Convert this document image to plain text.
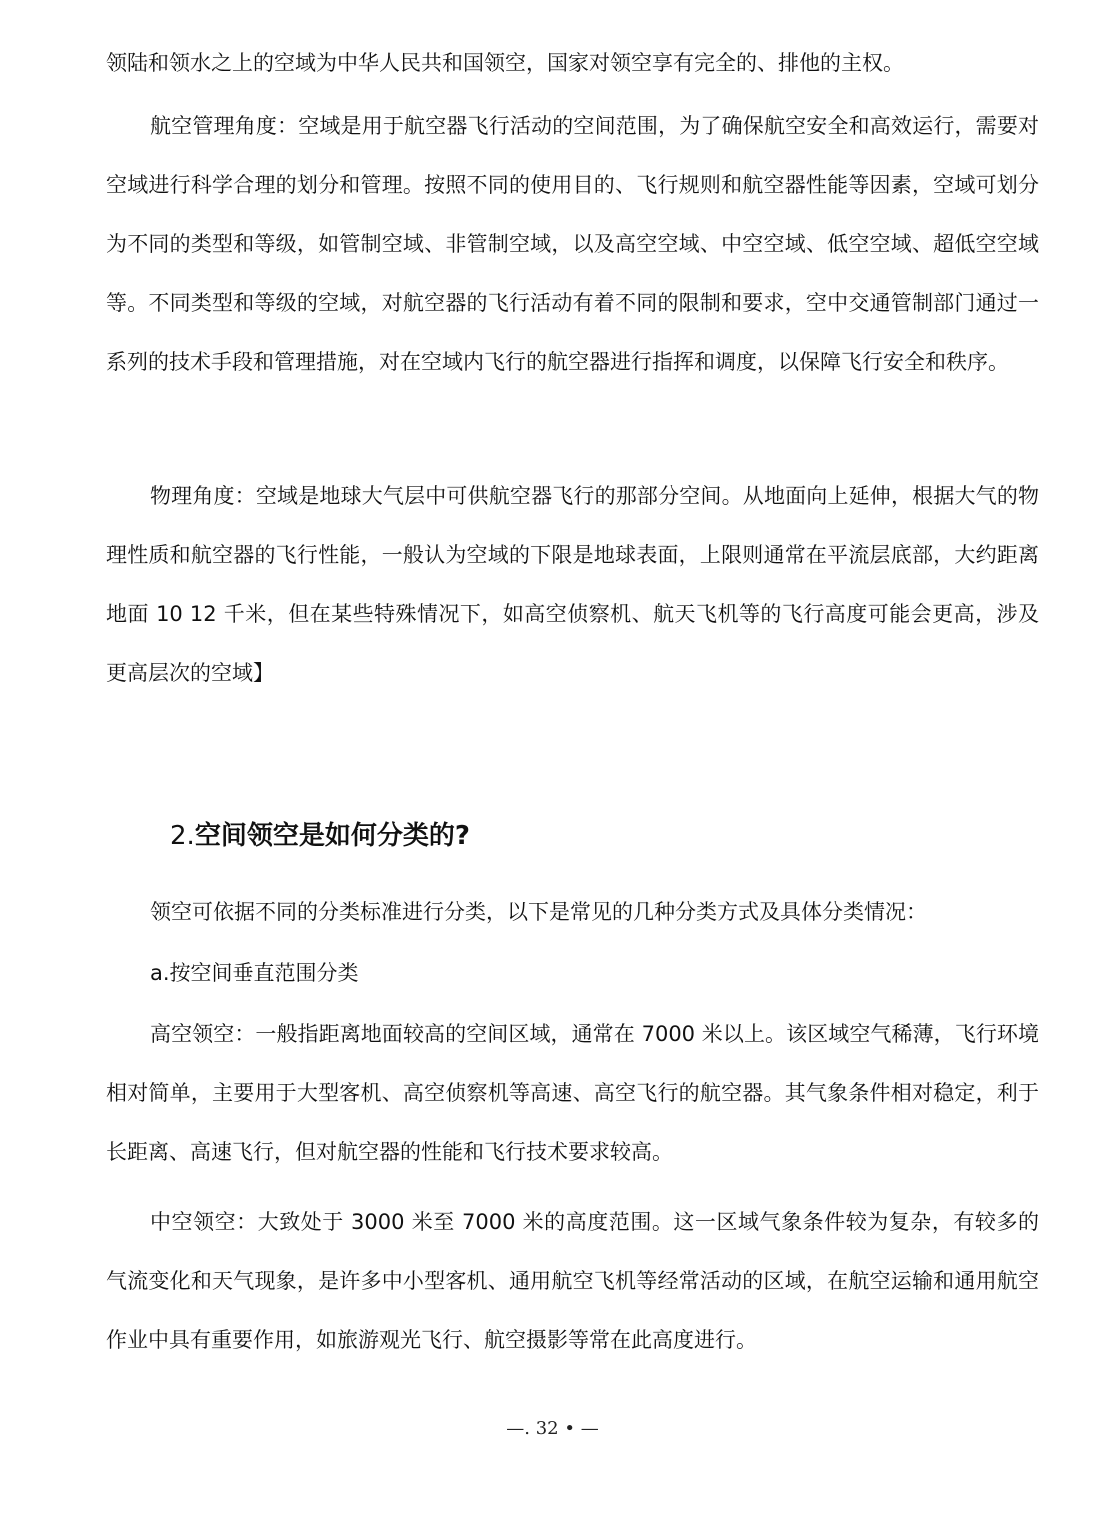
领陆和领水之上的空域为中华人民共和国领空，国家对领空享有完全的、排他的主权。

航空管理角度：空域是用于航空器飞行活动的空间范围，为了确保航空安全和高效运行，需要对空域进行科学合理的划分和管理。按照不同的使用目的、飞行规则和航空器性能等因素，空域可划分为不同的类型和等级，如管制空域、非管制空域，以及高空空域、中空空域、低空空域、超低空空域等。不同类型和等级的空域，对航空器的飞行活动有着不同的限制和要求，空中交通管制部门通过一系列的技术手段和管理措施，对在空域内飞行的航空器进行指挥和调度，以保障飞行安全和秩序。

物理角度：空域是地球大气层中可供航空器飞行的那部分空间。从地面向上延伸，根据大气的物理性质和航空器的飞行性能，一般认为空域的下限是地球表面，上限则通常在平流层底部，大约距离地面 10 12 千米，但在某些特殊情况下，如高空侦察机、航天飞机等的飞行高度可能会更高，涉及更高层次的空域】

2.空间领空是如何分类的?

领空可依据不同的分类标准进行分类，以下是常见的几种分类方式及具体分类情况：

a.按空间垂直范围分类

高空领空：一般指距离地面较高的空间区域，通常在 7000 米以上。该区域空气稀薄，飞行环境相对简单，主要用于大型客机、高空侦察机等高速、高空飞行的航空器。其气象条件相对稳定，利于长距离、高速飞行，但对航空器的性能和飞行技术要求较高。

中空领空：大致处于 3000 米至 7000 米的高度范围。这一区域气象条件较为复杂，有较多的气流变化和天气现象，是许多中小型客机、通用航空飞机等经常活动的区域，在航空运输和通用航空作业中具有重要作用，如旅游观光飞行、航空摄影等常在此高度进行。

—. 32 • —
